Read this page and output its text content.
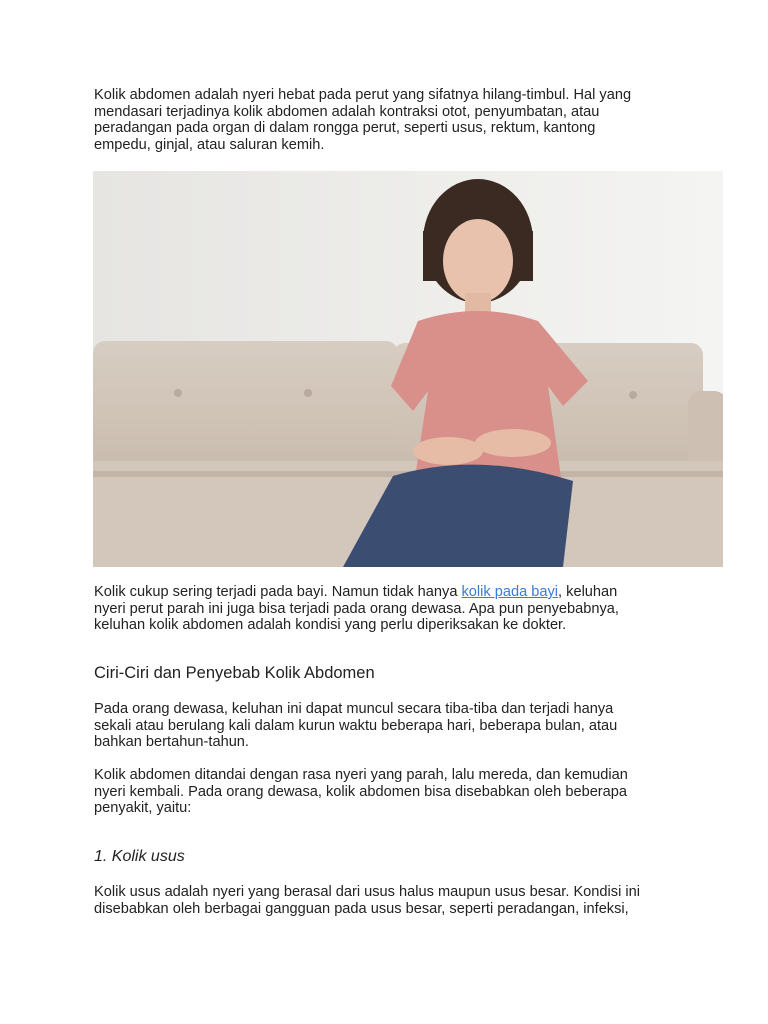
Kolik abdomen adalah nyeri hebat pada perut yang sifatnya hilang-timbul. Hal yang
mendasari terjadinya kolik abdomen adalah kontraksi otot, penyumbatan, atau
peradangan pada organ di dalam rongga perut, seperti usus, rektum, kantong
empedu, ginjal, atau saluran kemih.

Kolik cukup sering terjadi pada bayi. Namun tidak hanya kolik pada bayi, keluhan
nyeri perut parah ini juga bisa terjadi pada orang dewasa. Apa pun penyebabnya,
keluhan kolik abdomen adalah kondisi yang perlu diperiksakan ke dokter.

Ciri-Ciri dan Penyebab Kolik Abdomen

Pada orang dewasa, keluhan ini dapat muncul secara tiba-tiba dan terjadi hanya
sekali atau berulang kali dalam kurun waktu beberapa hari, beberapa bulan, atau
bahkan bertahun-tahun.

Kolik abdomen ditandai dengan rasa nyeri yang parah, lalu mereda, dan kemudian
nyeri kembali. Pada orang dewasa, kolik abdomen bisa disebabkan oleh beberapa
penyakit, yaitu:

1. Kolik usus

Kolik usus adalah nyeri yang berasal dari usus halus maupun usus besar. Kondisi ini
disebabkan oleh berbagai gangguan pada usus besar, seperti peradangan, infeksi,
